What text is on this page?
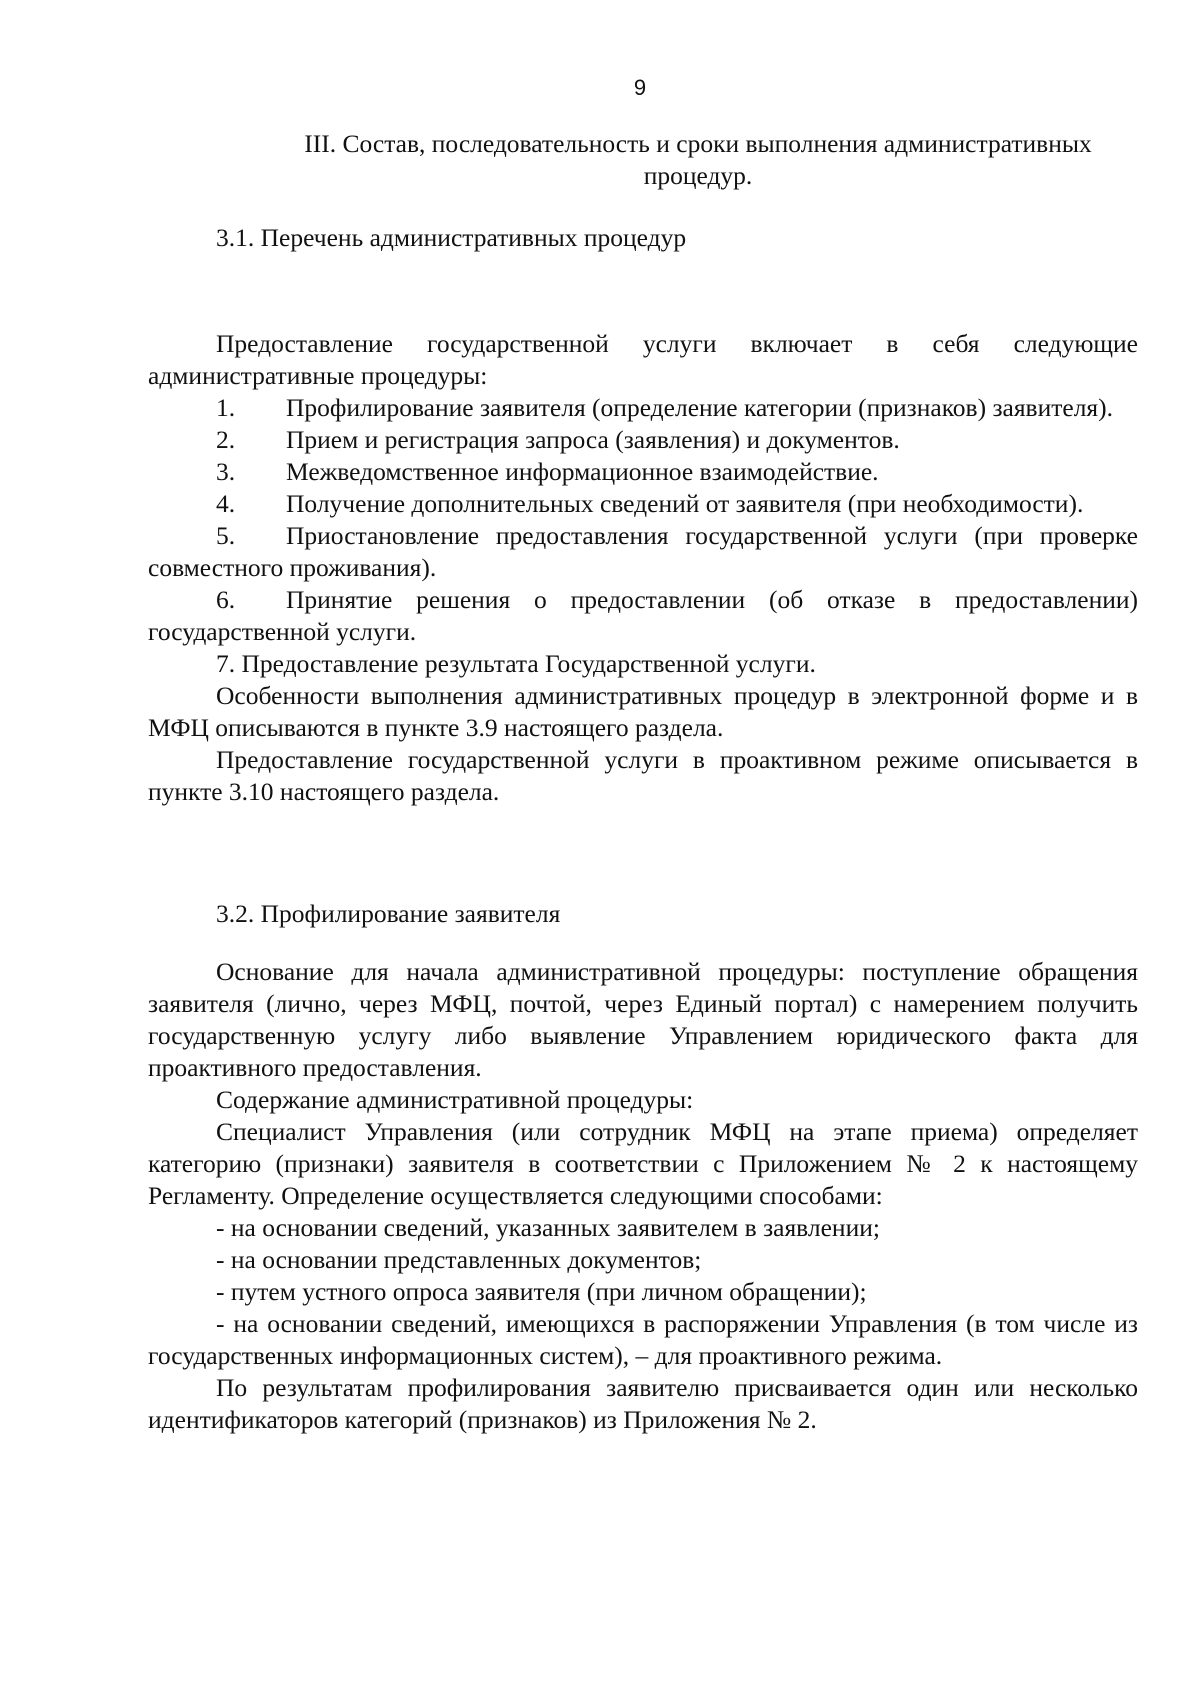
9
III. Состав, последовательность и сроки выполнения административных
процедур.
3.1. Перечень административных процедур

Предоставление государственной услуги включает в себя следующие административные процедуры:

1. Профилирование заявителя (определение категории (признаков) заявителя).

2. Прием и регистрация запроса (заявления) и документов.

3. Межведомственное информационное взаимодействие.

4. Получение дополнительных сведений от заявителя (при необходимости).

5. Приостановление предоставления государственной услуги (при проверке совместного проживания).

6. Принятие решения о предоставлении (об отказе в предоставлении) государственной услуги.

7. Предоставление результата Государственной услуги.

Особенности выполнения административных процедур в электронной форме и в МФЦ описываются в пункте 3.9 настоящего раздела.

Предоставление государственной услуги в проактивном режиме описывается в пункте 3.10 настоящего раздела.

3.2. Профилирование заявителя

Основание для начала административной процедуры: поступление обращения заявителя (лично, через МФЦ, почтой, через Единый портал) с намерением получить государственную услугу либо выявление Управлением юридического факта для проактивного предоставления.

Содержание административной процедуры:

Специалист Управления (или сотрудник МФЦ на этапе приема) определяет категорию (признаки) заявителя в соответствии с Приложением № 2 к настоящему Регламенту. Определение осуществляется следующими способами:

- на основании сведений, указанных заявителем в заявлении;

- на основании представленных документов;

- путем устного опроса заявителя (при личном обращении);

- на основании сведений, имеющихся в распоряжении Управления (в том числе из государственных информационных систем), – для проактивного режима.

По результатам профилирования заявителю присваивается один или несколько идентификаторов категорий (признаков) из Приложения № 2.
